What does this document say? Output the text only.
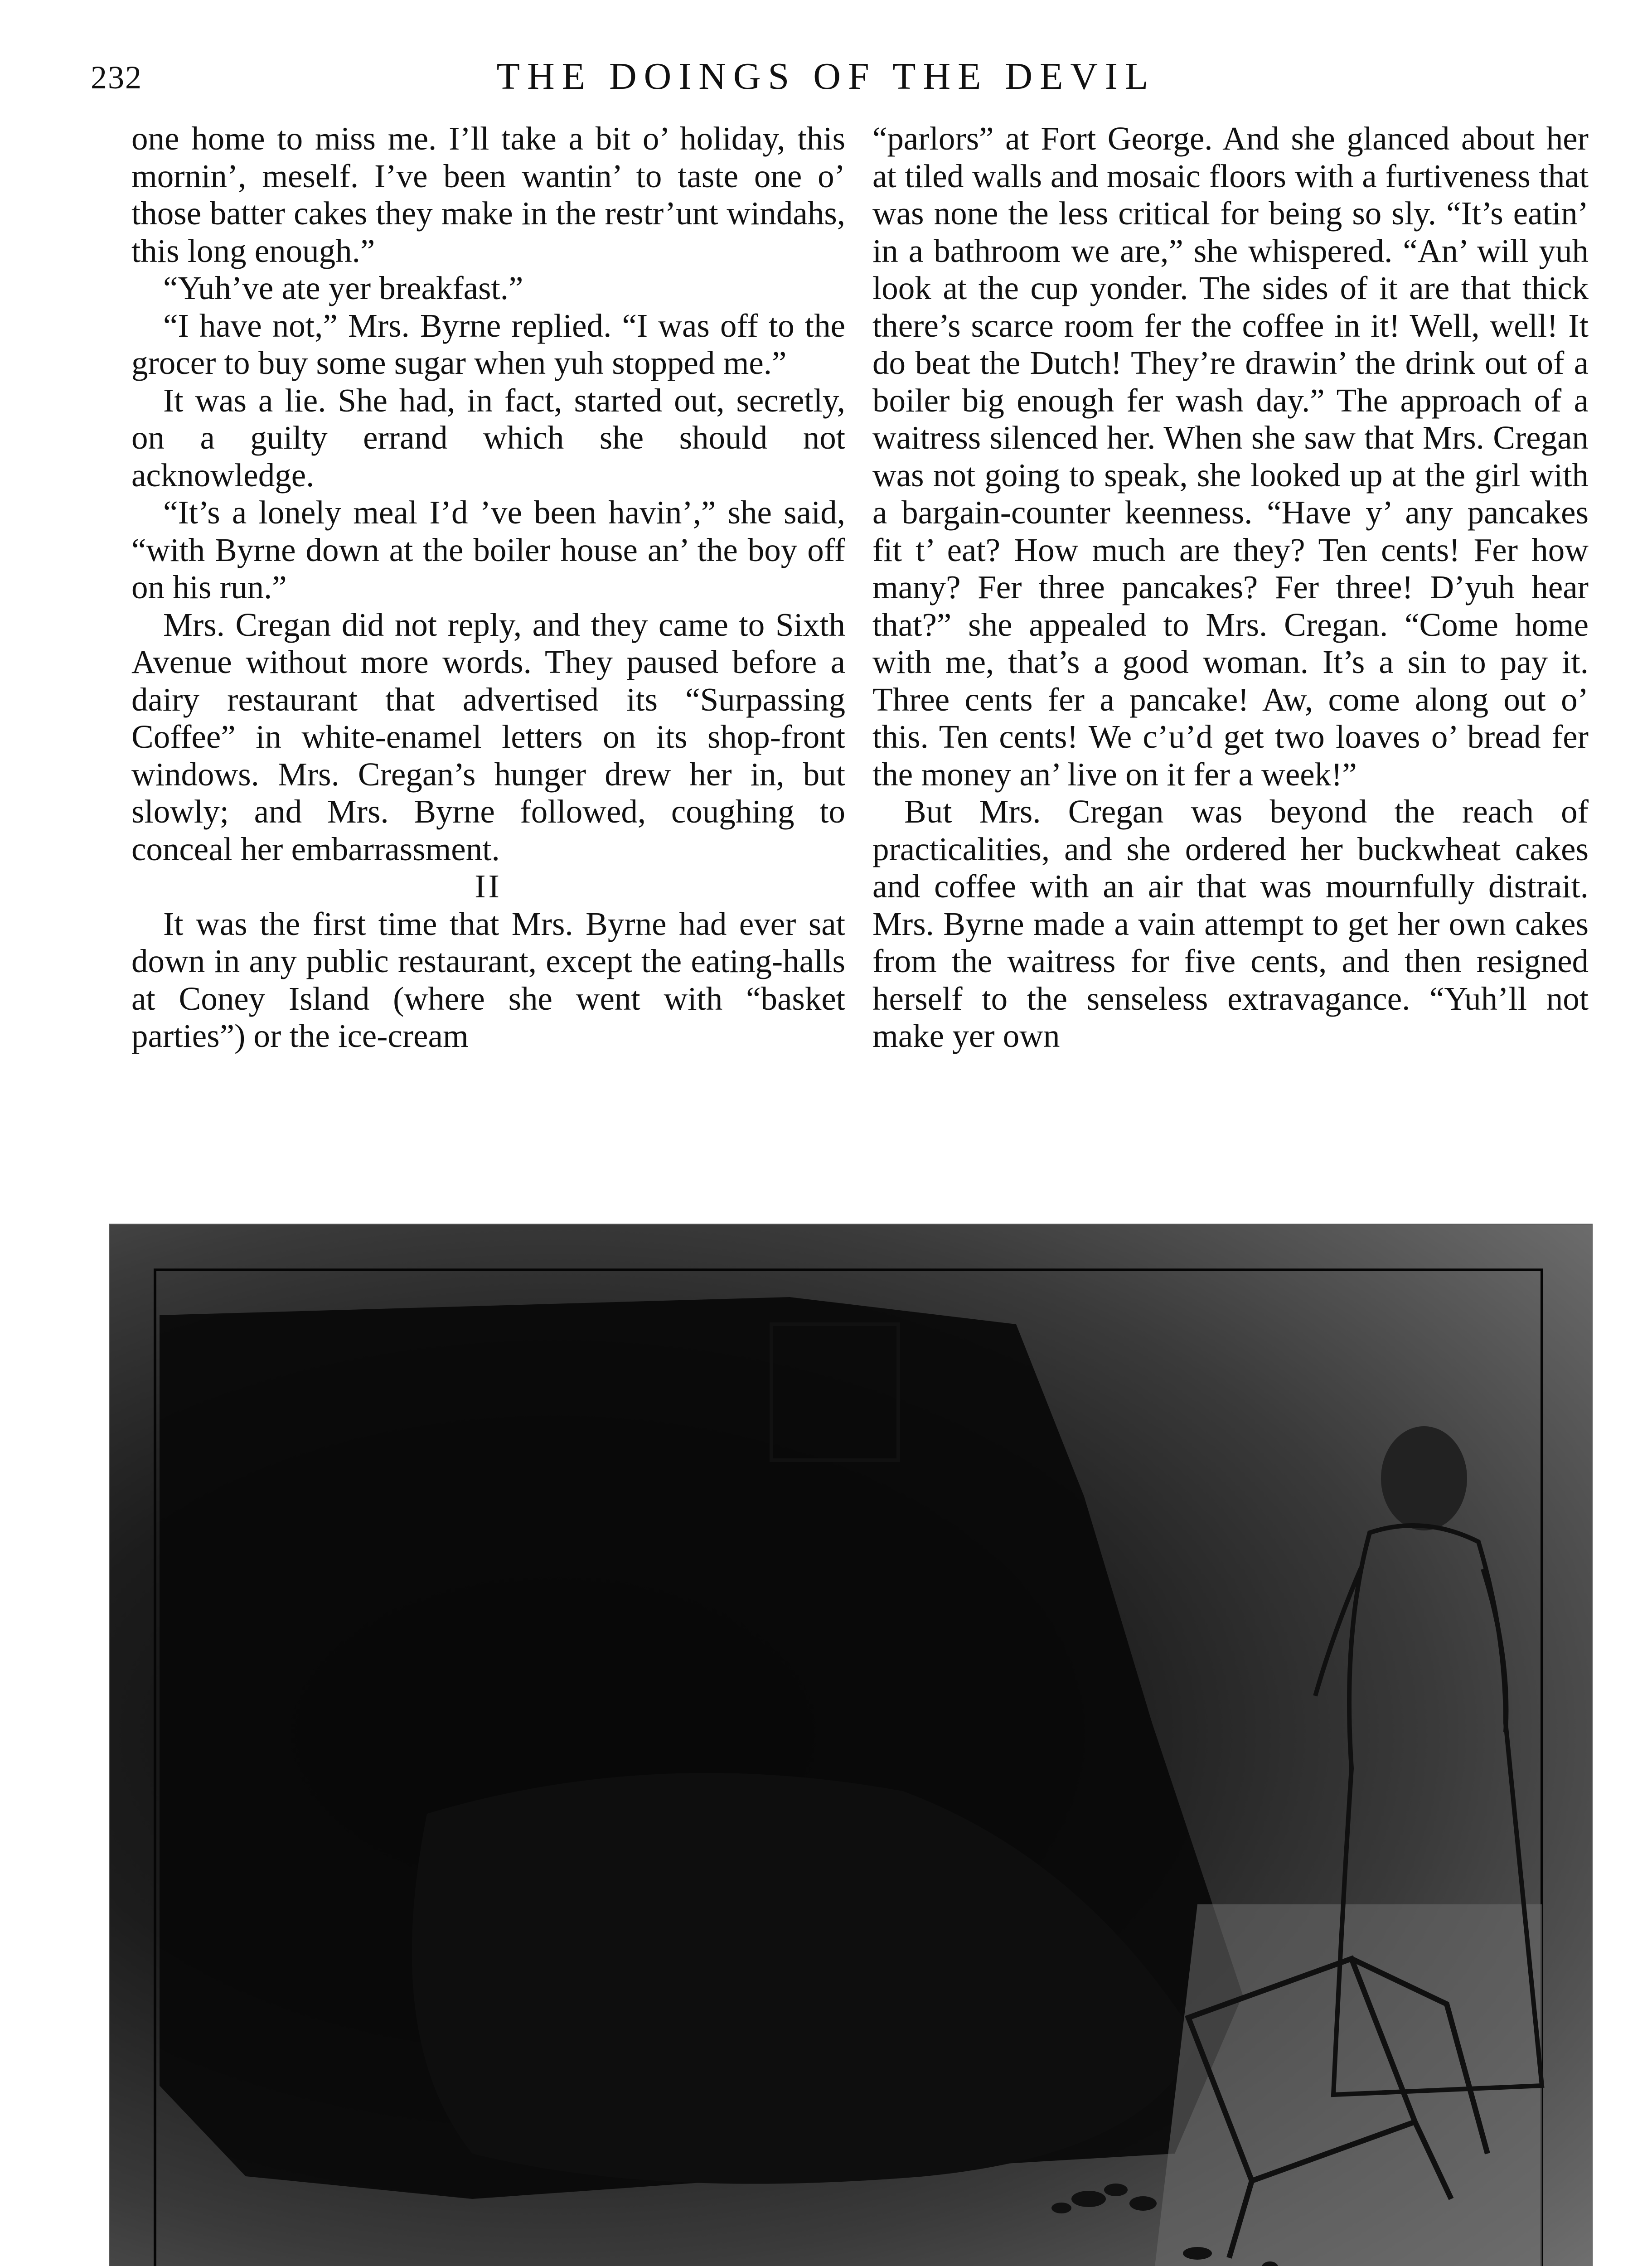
232	THE DOINGS OF THE DEVIL

one home to miss me. I’ll take a bit o’ holiday, this mornin’, meself. I’ve been wantin’ to taste one o’ those batter cakes they make in the restr’unt windahs, this long enough.”

“Yuh’ve ate yer breakfast.”

“I have not,” Mrs. Byrne replied. “I was off to the grocer to buy some sugar when yuh stopped me.”

It was a lie. She had, in fact, started out, secretly, on a guilty errand which she should not acknowledge.

“It’s a lonely meal I’d ’ve been havin’,” she said, “with Byrne down at the boiler house an’ the boy off on his run.”

Mrs. Cregan did not reply, and they came to Sixth Avenue without more words. They paused before a dairy restaurant that advertised its “Surpassing Coffee” in white-enamel letters on its shop-front windows. Mrs. Cregan’s hunger drew her in, but slowly; and Mrs. Byrne followed, coughing to conceal her embarrassment.

II

It was the first time that Mrs. Byrne had ever sat down in any public restaurant, except the eating-halls at Coney Island (where she went with “basket parties”) or the ice-cream

“parlors” at Fort George. And she glanced about her at tiled walls and mosaic floors with a furtiveness that was none the less critical for being so sly. “It’s eatin’ in a bathroom we are,” she whispered. “An’ will yuh look at the cup yonder. The sides of it are that thick there’s scarce room fer the coffee in it! Well, well! It do beat the Dutch! They’re drawin’ the drink out of a boiler big enough fer wash day.” The approach of a waitress silenced her. When she saw that Mrs. Cregan was not going to speak, she looked up at the girl with a bargain-counter keenness. “Have y’ any pancakes fit t’ eat? How much are they? Ten cents! Fer how many? Fer three pancakes? Fer three! D’yuh hear that?” she appealed to Mrs. Cregan. “Come home with me, that’s a good woman. It’s a sin to pay it. Three cents fer a pancake! Aw, come along out o’ this. Ten cents! We c’u’d get two loaves o’ bread fer the money an’ live on it fer a week!”

But Mrs. Cregan was beyond the reach of practicalities, and she ordered her buckwheat cakes and coffee with an air that was mournfully distrait. Mrs. Byrne made a vain attempt to get her own cakes from the waitress for five cents, and then resigned herself to the senseless extravagance. “Yuh’ll not make yer own
